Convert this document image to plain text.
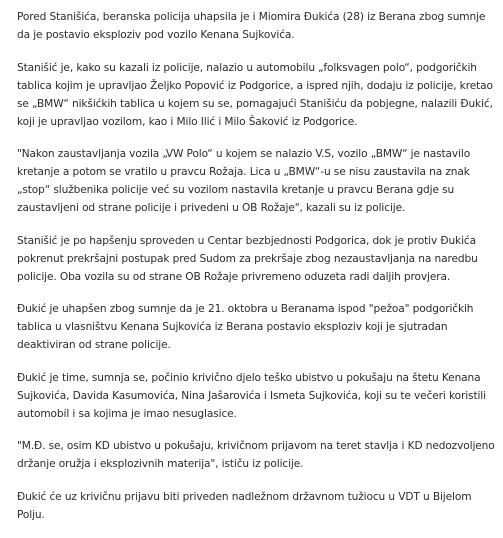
Pored Stanišića, beranska policija uhapsila je i Miomira Đukića (28) iz Berana zbog sumnje da je postavio eksploziv pod vozilo Kenana Sujkovića.

Stanišić je, kako su kazali iz policije, nalazio u automobilu „folksvagen polo“, podgoričkih tablica kojim je upravljao Željko Popović iz Podgorice, a ispred njih, dodaju iz policije, kretao se „BMW“ nikšićkih tablica u kojem su se, pomagajući Stanišiću da pobjegne, nalazili Đukić, koji je upravljao vozilom, kao i Milo Ilić i Milo Šaković iz Podgorice.

"Nakon zaustavljanja vozila „VW Polo“ u kojem se nalazio V.S, vozilo „BMW“ je nastavilo kretanje a potom se vratilo u pravcu Rožaja. Lica u „BMW“-u se nisu zaustavila na znak „stop“ službenika policije već su vozilom nastavila kretanje u pravcu Berana gdje su zaustavljeni od strane policije i privedeni u OB Rožaje", kazali su iz policije.

Stanišić je po hapšenju sproveden u Centar bezbjednosti Podgorica, dok je protiv Đukića pokrenut prekršajni postupak pred Sudom za prekršaje zbog nezaustavljanja na naredbu policije. Oba vozila su od strane OB Rožaje privremeno oduzeta radi daljih provjera.

Đukić je uhapšen zbog sumnje da je 21. oktobra u Beranama ispod "pežoa" podgoričkih tablica u vlasništvu Kenana Sujkovića iz Berana postavio eksploziv koji je sjutradan deaktiviran od strane policije.

Đukić je time, sumnja se, počinio krivično djelo teško ubistvo u pokušaju na štetu Kenana Sujkovića, Davida Kasumovića, Nina Jašarovića i Ismeta Sujkovića, koji su te večeri koristili automobil i sa kojima je imao nesuglasice.

"M.Đ. se, osim KD ubistvo u pokušaju, krivičnom prijavom na teret stavlja i KD nedozvoljeno držanje oružja i eksplozivnih materija", ističu iz policije.

Đukić će uz krivičnu prijavu biti priveden nadležnom državnom tužiocu u VDT u Bijelom Polju.
